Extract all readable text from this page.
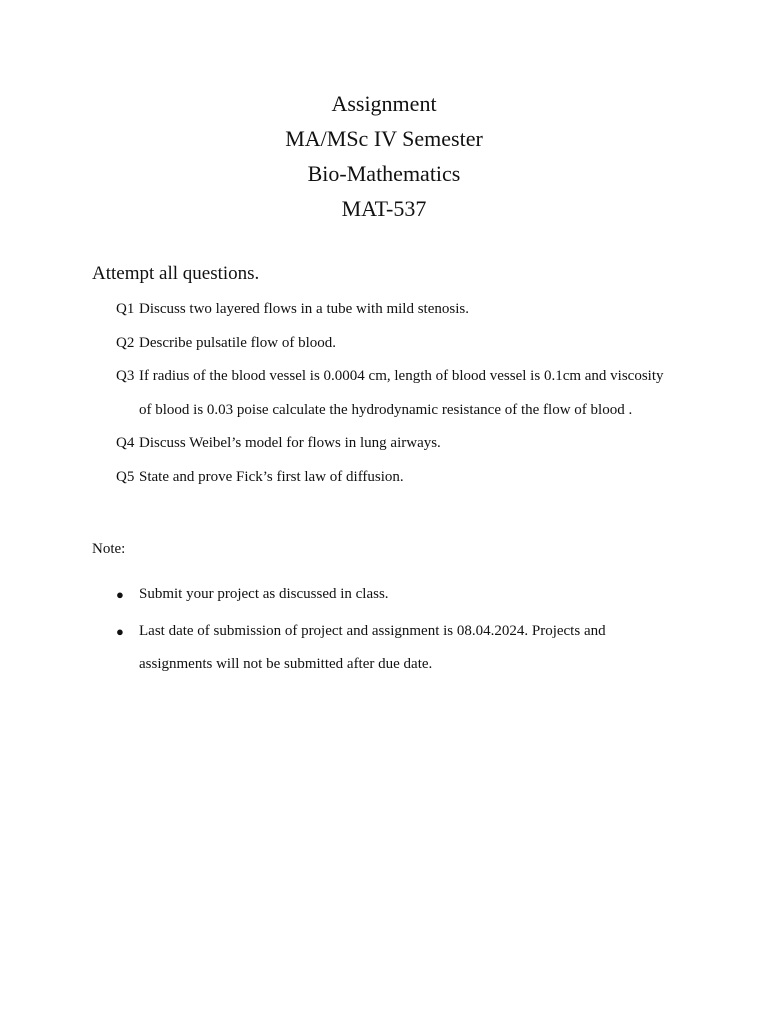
Assignment

MA/MSc IV Semester

Bio-Mathematics

MAT-537

Attempt all questions.

Q1 Discuss two layered flows in a tube with mild stenosis.
Q2 Describe pulsatile flow of blood.
Q3 If radius of the blood vessel is 0.0004 cm, length of blood vessel is 0.1cm and viscosity of blood is 0.03 poise calculate the hydrodynamic resistance of the flow of blood .
Q4 Discuss Weibel’s model for flows in lung airways.
Q5 State and prove Fick’s first law of diffusion.

Note:

●	Submit your project as discussed in class.
●	Last date of submission of project and assignment is 08.04.2024. Projects and assignments will not be submitted after due date.
